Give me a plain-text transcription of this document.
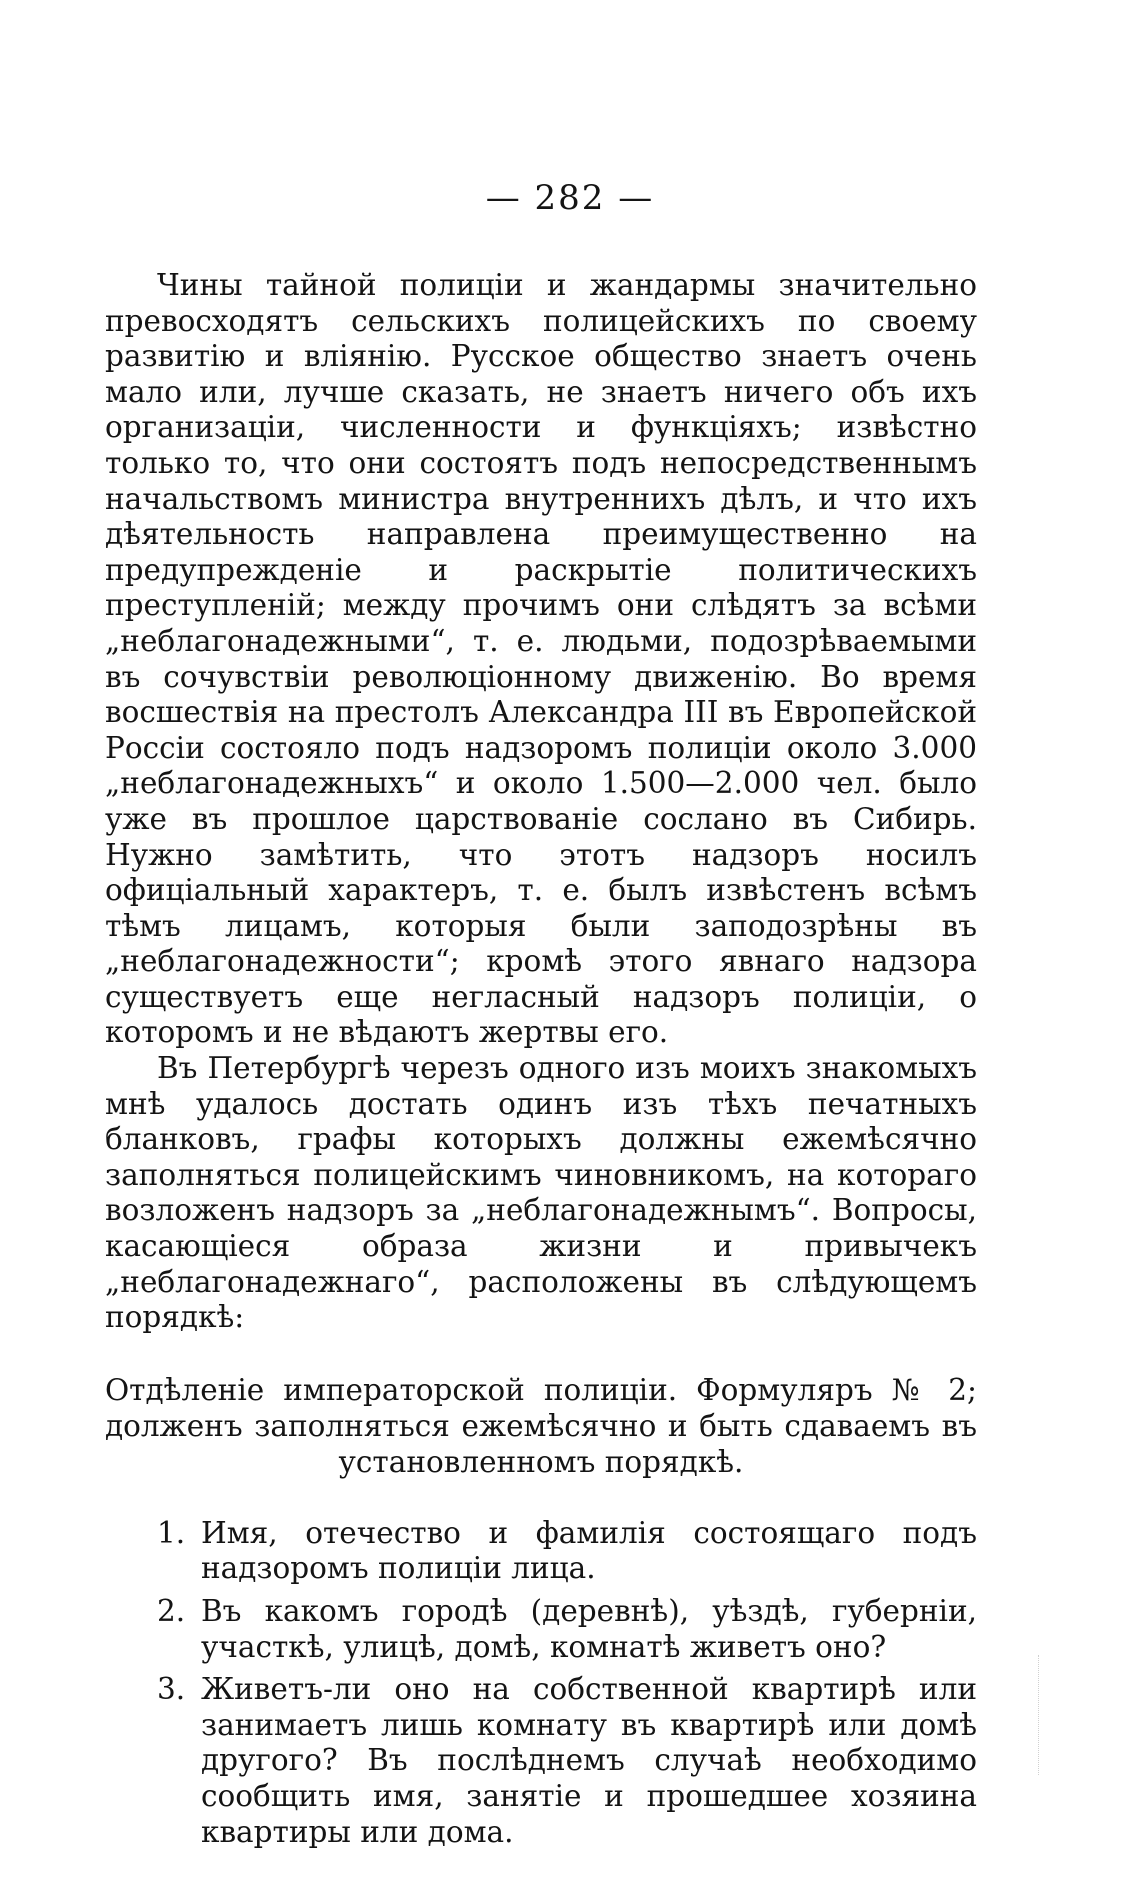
— 282 —

Чины тайной полиціи и жандармы значительно превосходятъ сельскихъ полицейскихъ по своему развитію и вліянію. Русское общество знаетъ очень мало или, лучше сказать, не знаетъ ничего объ ихъ организаціи, численности и функціяхъ; извѣстно только то, что они состоятъ подъ непосредственнымъ начальствомъ министра внутреннихъ дѣлъ, и что ихъ дѣятельность направлена преимущественно на предупрежденіе и раскрытіе политическихъ преступленій; между прочимъ они слѣдятъ за всѣми „неблагонадежными“, т. е. людьми, подозрѣваемыми въ сочувствіи революціонному движенію. Во время восшествія на престолъ Александра III въ Европейской Россіи состояло подъ надзоромъ полиціи около 3.000 „неблагонадежныхъ“ и около 1.500—2.000 чел. было уже въ прошлое царствованіе сослано въ Сибирь. Нужно замѣтить, что этотъ надзоръ носилъ офиціальный характеръ, т. е. былъ извѣстенъ всѣмъ тѣмъ лицамъ, которыя были заподозрѣны въ „неблагонадежности“; кромѣ этого явнаго надзора существуетъ еще негласный надзоръ полиціи, о которомъ и не вѣдаютъ жертвы его.

Въ Петербургѣ черезъ одного изъ моихъ знакомыхъ мнѣ удалось достать одинъ изъ тѣхъ печатныхъ бланковъ, графы которыхъ должны ежемѣсячно заполняться полицейскимъ чиновникомъ, на котораго возложенъ надзоръ за „неблагонадежнымъ“. Вопросы, касающіеся образа жизни и привычекъ „неблагонадежнаго“, расположены въ слѣдующемъ порядкѣ:

Отдѣленіе императорской полиціи. Формуляръ № 2; долженъ заполняться ежемѣсячно и быть сдаваемъ въ установленномъ порядкѣ.

1. Имя, отечество и фамилія состоящаго подъ надзоромъ полиціи лица.
2. Въ какомъ городѣ (деревнѣ), уѣздѣ, губерніи, участкѣ, улицѣ, домѣ, комнатѣ живетъ оно?
3. Живетъ-ли оно на собственной квартирѣ или занимаетъ лишь комнату въ квартирѣ или домѣ другого? Въ послѣднемъ случаѣ необходимо сообщить имя, занятіе и прошедшее хозяина квартиры или дома.
